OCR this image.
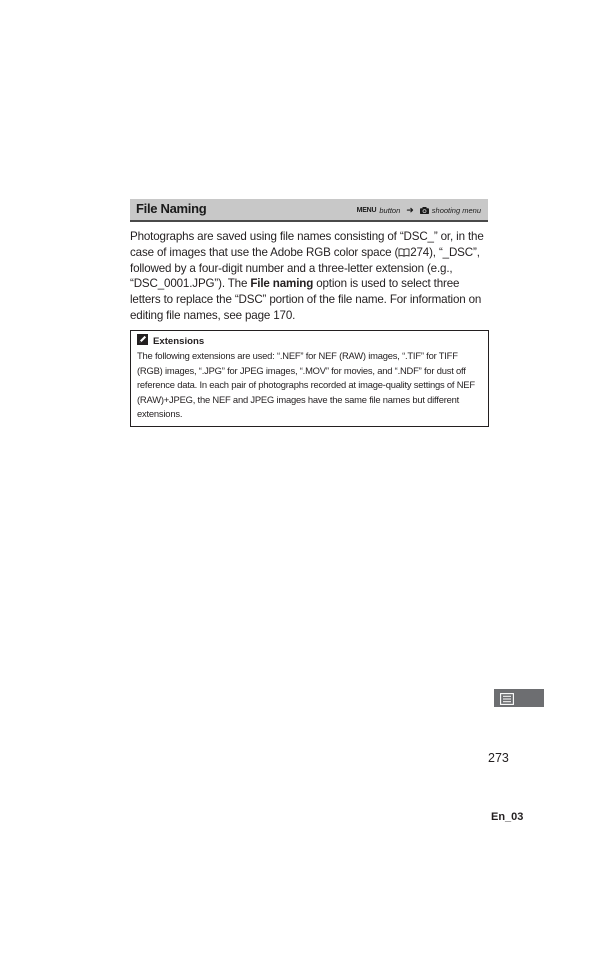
File Naming	MENU button ➜ shooting menu
Photographs are saved using file names consisting of “DSC_” or, in the case of images that use the Adobe RGB color space ( 274), “_DSC”, followed by a four-digit number and a three-letter extension (e.g., “DSC_0001.JPG”). The File naming option is used to select three letters to replace the “DSC” portion of the file name. For information on editing file names, see page 170.
Extensions
The following extensions are used: “.NEF” for NEF (RAW) images, “.TIF” for TIFF (RGB) images, “.JPG” for JPEG images, “.MOV” for movies, and “.NDF” for dust off reference data. In each pair of photographs recorded at image-quality settings of NEF (RAW)+JPEG, the NEF and JPEG images have the same file names but different extensions.
273
En_03
